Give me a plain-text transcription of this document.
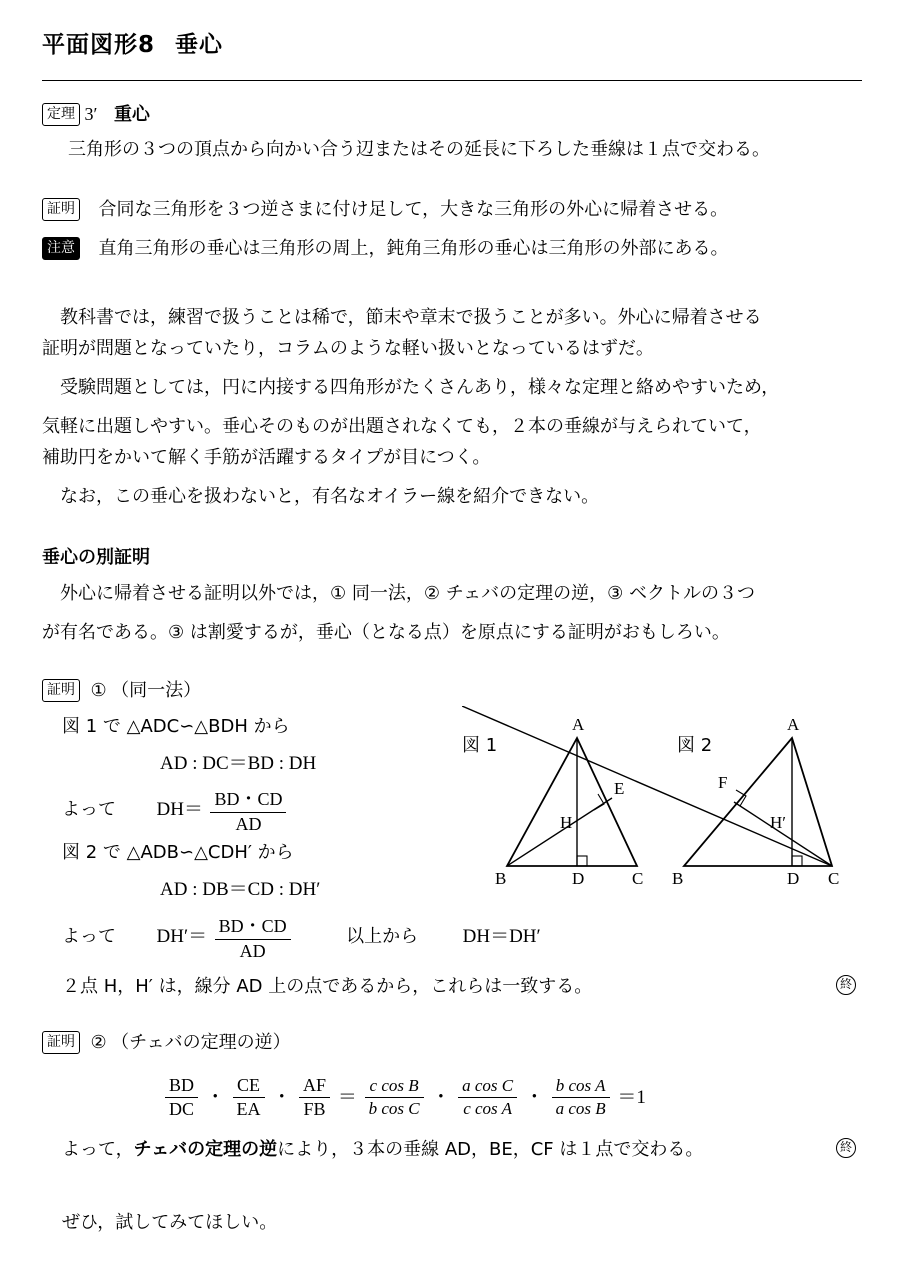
平面図形8 垂心
定理 3′ 重心
三角形の３つの頂点から向かい合う辺またはその延長に下ろした垂線は１点で交わる。
証明 合同な三角形を３つ逆さまに付け足して，大きな三角形の外心に帰着させる。
注意 直角三角形の垂心は三角形の周上，鈍角三角形の垂心は三角形の外部にある。
教科書では，練習で扱うことは稀で，節末や章末で扱うことが多い。外心に帰着させる
証明が問題となっていたり，コラムのような軽い扱いとなっているはずだ。
受験問題としては，円に内接する四角形がたくさんあり，様々な定理と絡めやすいため，
気軽に出題しやすい。垂心そのものが出題されなくても，２本の垂線が与えられていて，
補助円をかいて解く手筋が活躍するタイプが目につく。
なお，この垂心を扱わないと，有名なオイラー線を紹介できない。
垂心の別証明
外心に帰着させる証明以外では，① 同一法，② チェバの定理の逆，③ ベクトルの３つ
が有名である。③ は割愛するが，垂心（となる点）を原点にする証明がおもしろい。
証明 ① （同一法）
図 1 で △ADC∽△BDH から
AD : DC＝BD : DH
よって $DH= \frac{BD・CD}{AD}$
図 2 で △ADB∽△CDH′ から
AD : DB＝CD : DH′
よって $DH'= \frac{BD・CD}{AD}$	以上から DH＝DH′
２点 H，H′ は，線分 AD 上の点であるから，これらは一致する。	終
証明 ② （チェバの定理の逆）
$\frac{BD}{DC}$ ・ $\frac{CE}{EA}$ ・ $\frac{AF}{FB} = \frac{\text{c cos B}}{\text{b cos C}}$ ・ $\frac{\text{a cos C}}{\text{c cos A}}$ ・ $\frac{\text{b cos A}}{\text{a cos B}} =1$
よって，チェバの定理の逆により，３本の垂線 AD，BE，CF は１点で交わる。	終
ぜひ，試してみてほしい。
図 1	図 2
A
B	C
D
E
H
A
B	C
D
F
H′
